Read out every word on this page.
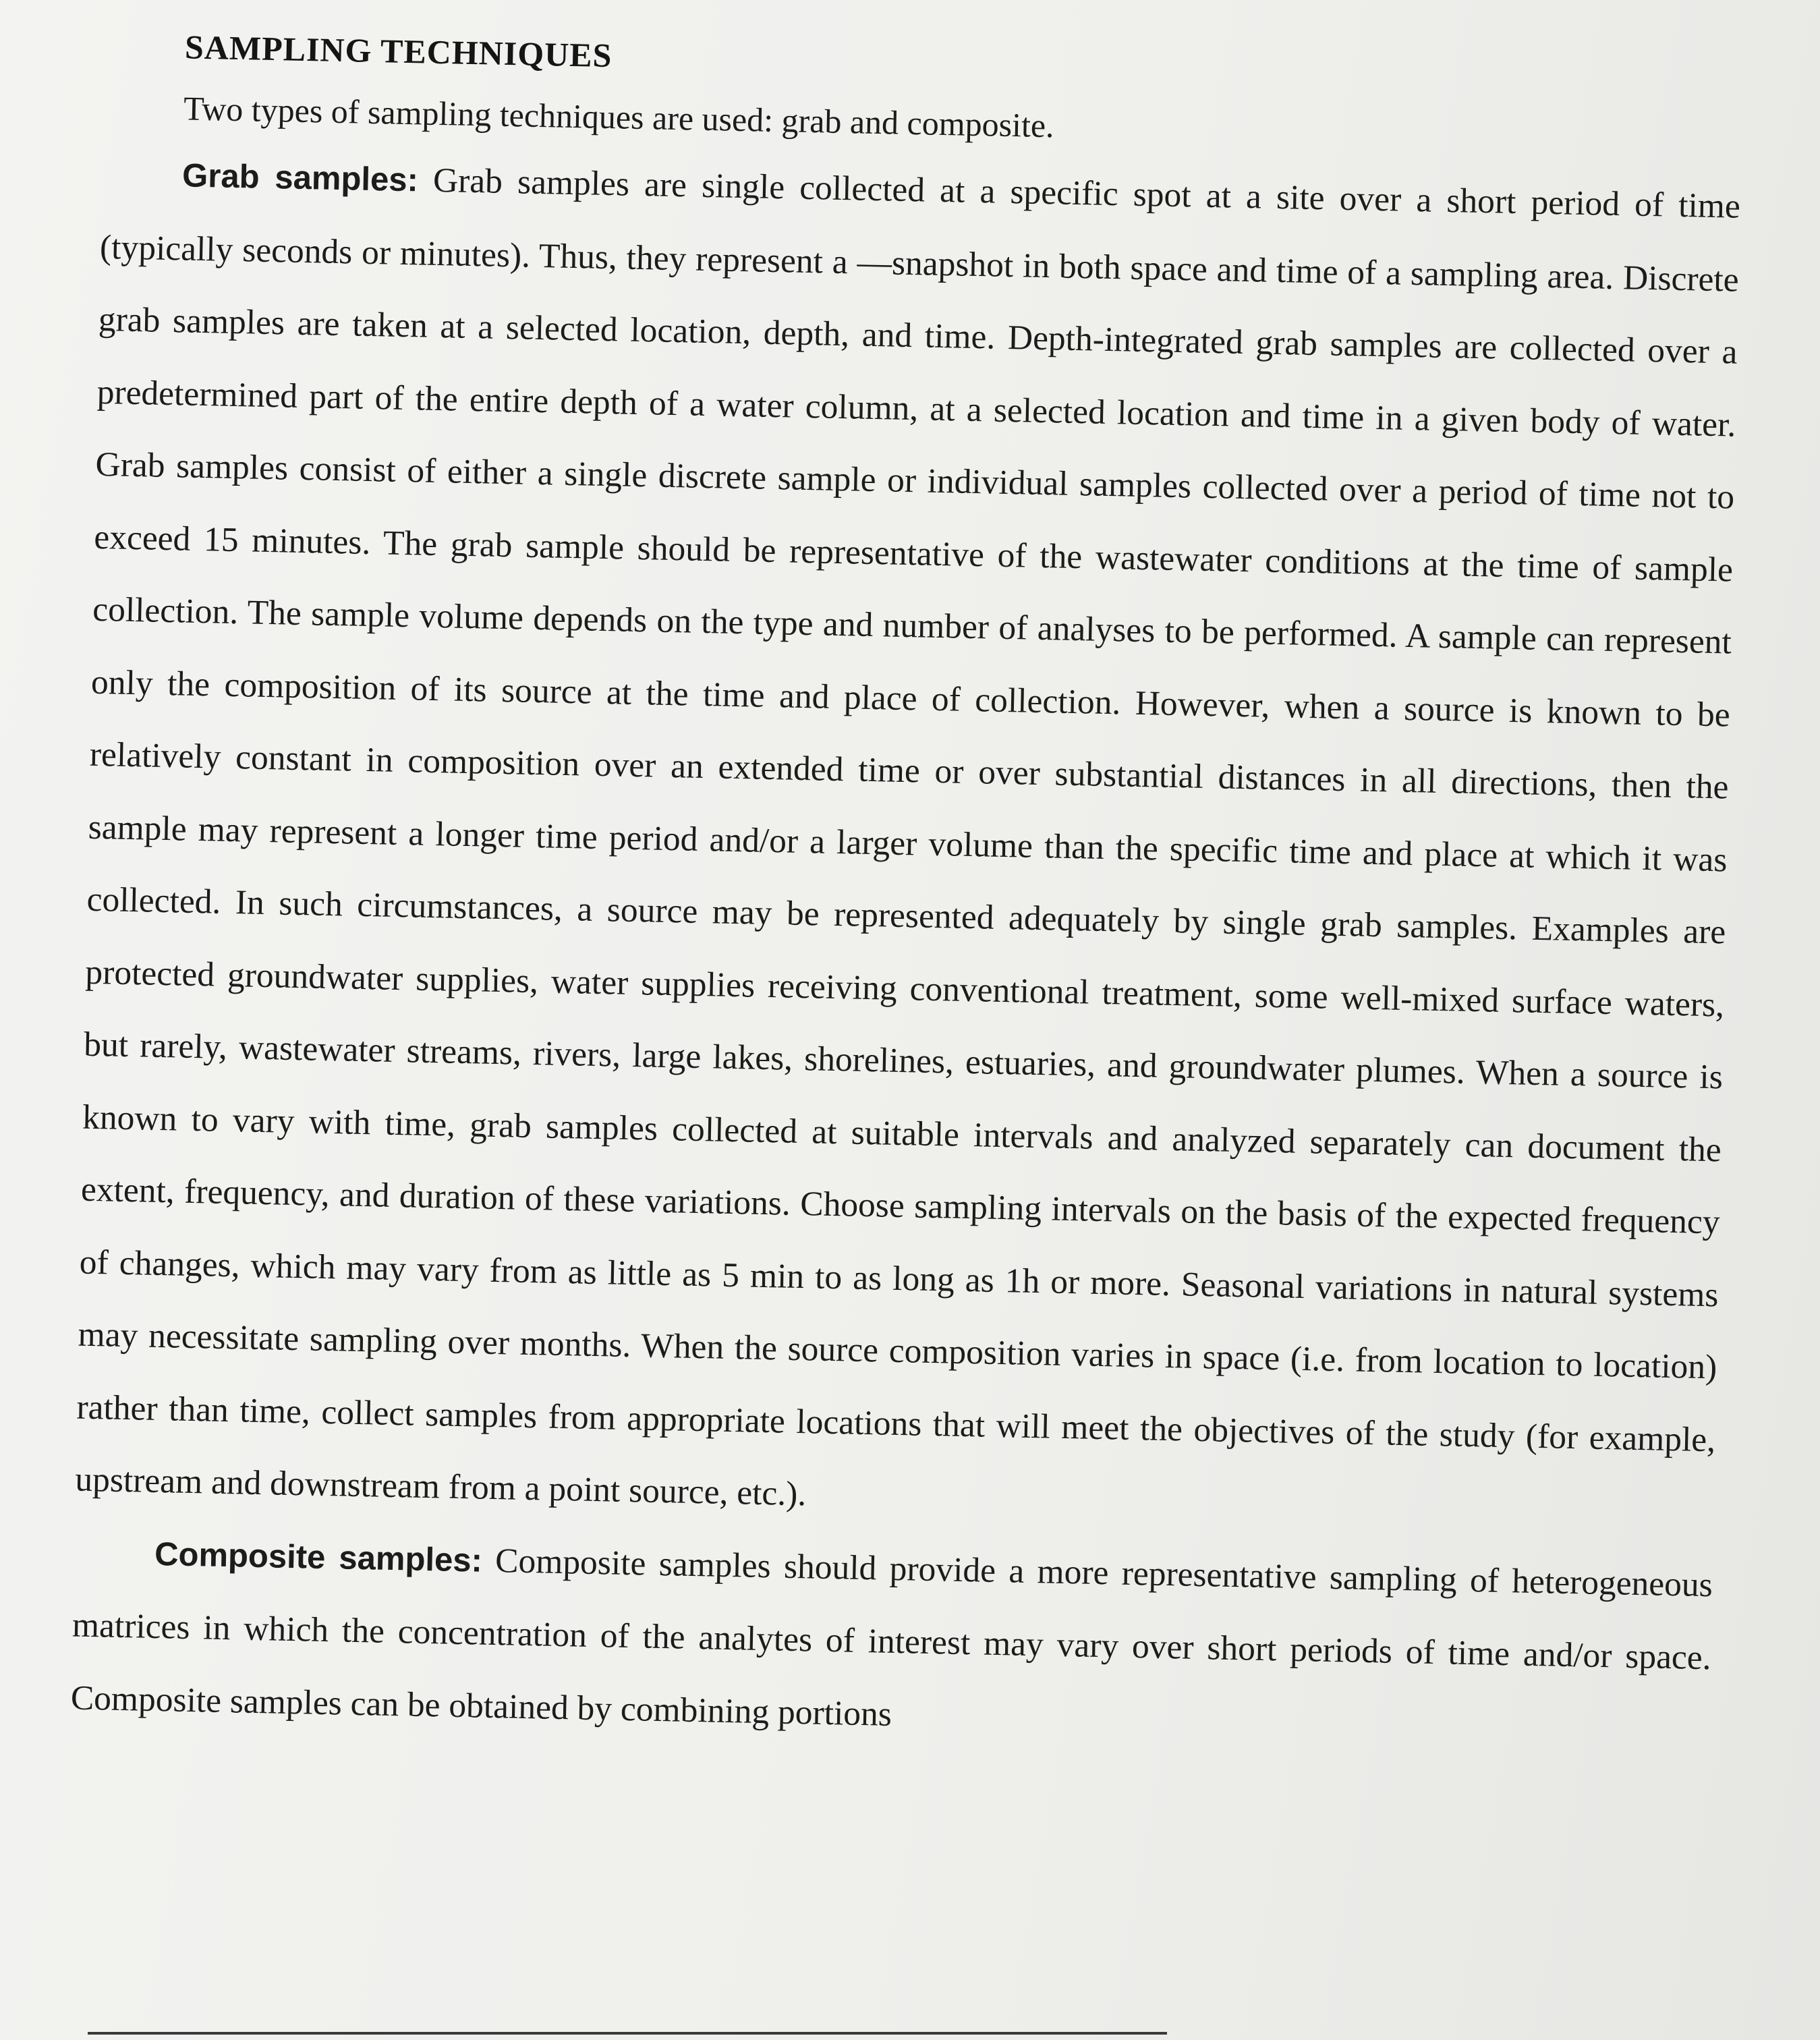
SAMPLING TECHNIQUES
Two types of sampling techniques are used: grab and composite.

Grab samples: Grab samples are single collected at a specific spot at a site over a short period of time (typically seconds or minutes). Thus, they represent a —snapshot in both space and time of a sampling area. Discrete grab samples are taken at a selected location, depth, and time. Depth-integrated grab samples are collected over a predetermined part of the entire depth of a water column, at a selected location and time in a given body of water. Grab samples consist of either a single discrete sample or individual samples collected over a period of time not to exceed 15 minutes. The grab sample should be representative of the wastewater conditions at the time of sample collection. The sample volume depends on the type and number of analyses to be performed. A sample can represent only the composition of its source at the time and place of collection. However, when a source is known to be relatively constant in composition over an extended time or over substantial distances in all directions, then the sample may represent a longer time period and/or a larger volume than the specific time and place at which it was collected. In such circumstances, a source may be represented adequately by single grab samples. Examples are protected groundwater supplies, water supplies receiving conventional treatment, some well-mixed surface waters, but rarely, wastewater streams, rivers, large lakes, shorelines, estuaries, and groundwater plumes. When a source is known to vary with time, grab samples collected at suitable intervals and analyzed separately can document the extent, frequency, and duration of these variations. Choose sampling intervals on the basis of the expected frequency of changes, which may vary from as little as 5 min to as long as 1h or more. Seasonal variations in natural systems may necessitate sampling over months. When the source composition varies in space (i.e. from location to location) rather than time, collect samples from appropriate locations that will meet the objectives of the study (for example, upstream and downstream from a point source, etc.).

Composite samples: Composite samples should provide a more representative sampling of heterogeneous matrices in which the concentration of the analytes of interest may vary over short periods of time and/or space. Composite samples can be obtained by combining portions
